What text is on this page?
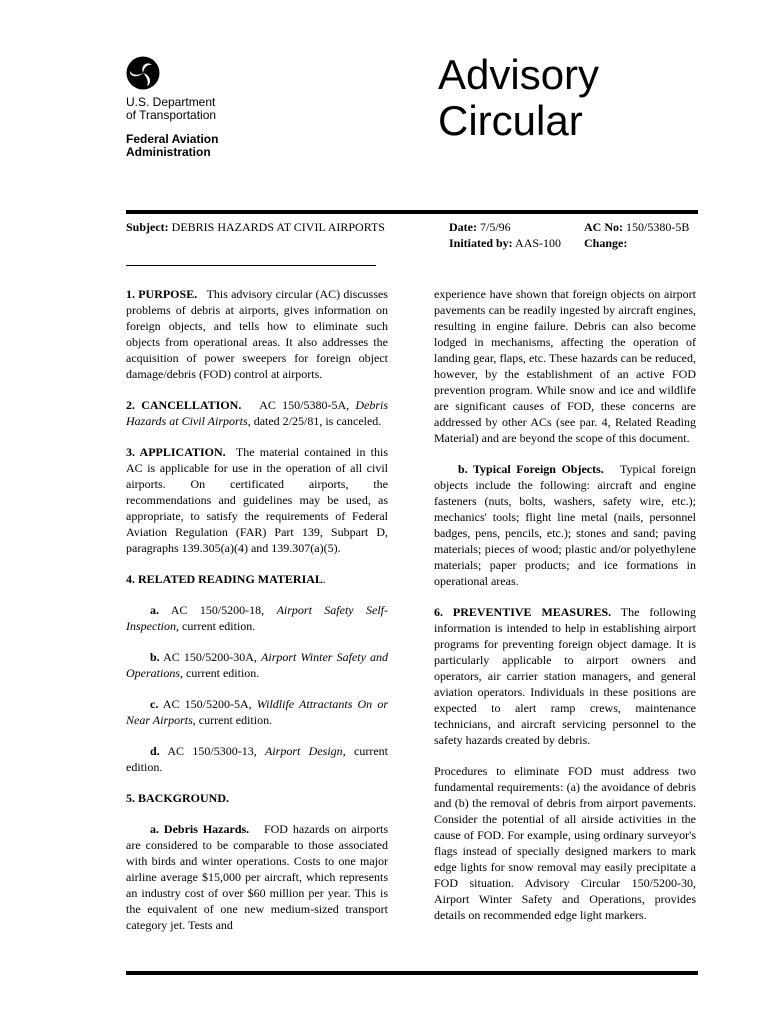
U.S. Department
of Transportation
Federal Aviation
Administration
Advisory
Circular
Subject: DEBRIS HAZARDS AT CIVIL AIRPORTS	Date: 7/5/96	AC No: 150/5380-5B
Initiated by: AAS-100 Change:

1. PURPOSE. This advisory circular (AC) discusses problems of debris at airports, gives information on foreign objects, and tells how to eliminate such objects from operational areas. It also addresses the acquisition of power sweepers for foreign object damage/debris (FOD) control at airports.

2. CANCELLATION. AC 150/5380-5A, Debris Hazards at Civil Airports, dated 2/25/81, is canceled.

3. APPLICATION. The material contained in this AC is applicable for use in the operation of all civil airports. On certificated airports, the recommendations and guidelines may be used, as appropriate, to satisfy the requirements of Federal Aviation Regulation (FAR) Part 139, Subpart D, paragraphs 139.305(a)(4) and 139.307(a)(5).

4. RELATED READING MATERIAL.

a. AC 150/5200-18, Airport Safety Self-Inspection, current edition.

b. AC 150/5200-30A, Airport Winter Safety and Operations, current edition.

c. AC 150/5200-5A, Wildlife Attractants On or Near Airports, current edition.

d. AC 150/5300-13, Airport Design, current edition.

5. BACKGROUND.

a. Debris Hazards. FOD hazards on airports are considered to be comparable to those associated with birds and winter operations. Costs to one major airline average $15,000 per aircraft, which represents an industry cost of over $60 million per year. This is the equivalent of one new medium-sized transport category jet. Tests and

experience have shown that foreign objects on airport pavements can be readily ingested by aircraft engines, resulting in engine failure. Debris can also become lodged in mechanisms, affecting the operation of landing gear, flaps, etc. These hazards can be reduced, however, by the establishment of an active FOD prevention program. While snow and ice and wildlife are significant causes of FOD, these concerns are addressed by other ACs (see par. 4, Related Reading Material) and are beyond the scope of this document.

b. Typical Foreign Objects. Typical foreign objects include the following: aircraft and engine fasteners (nuts, bolts, washers, safety wire, etc.); mechanics' tools; flight line metal (nails, personnel badges, pens, pencils, etc.); stones and sand; paving materials; pieces of wood; plastic and/or polyethylene materials; paper products; and ice formations in operational areas.

6. PREVENTIVE MEASURES. The following information is intended to help in establishing airport programs for preventing foreign object damage. It is particularly applicable to airport owners and operators, air carrier station managers, and general aviation operators. Individuals in these positions are expected to alert ramp crews, maintenance technicians, and aircraft servicing personnel to the safety hazards created by debris.

Procedures to eliminate FOD must address two fundamental requirements: (a) the avoidance of debris and (b) the removal of debris from airport pavements. Consider the potential of all airside activities in the cause of FOD. For example, using ordinary surveyor's flags instead of specially designed markers to mark edge lights for snow removal may easily precipitate a FOD situation. Advisory Circular 150/5200-30, Airport Winter Safety and Operations, provides details on recommended edge light markers.
